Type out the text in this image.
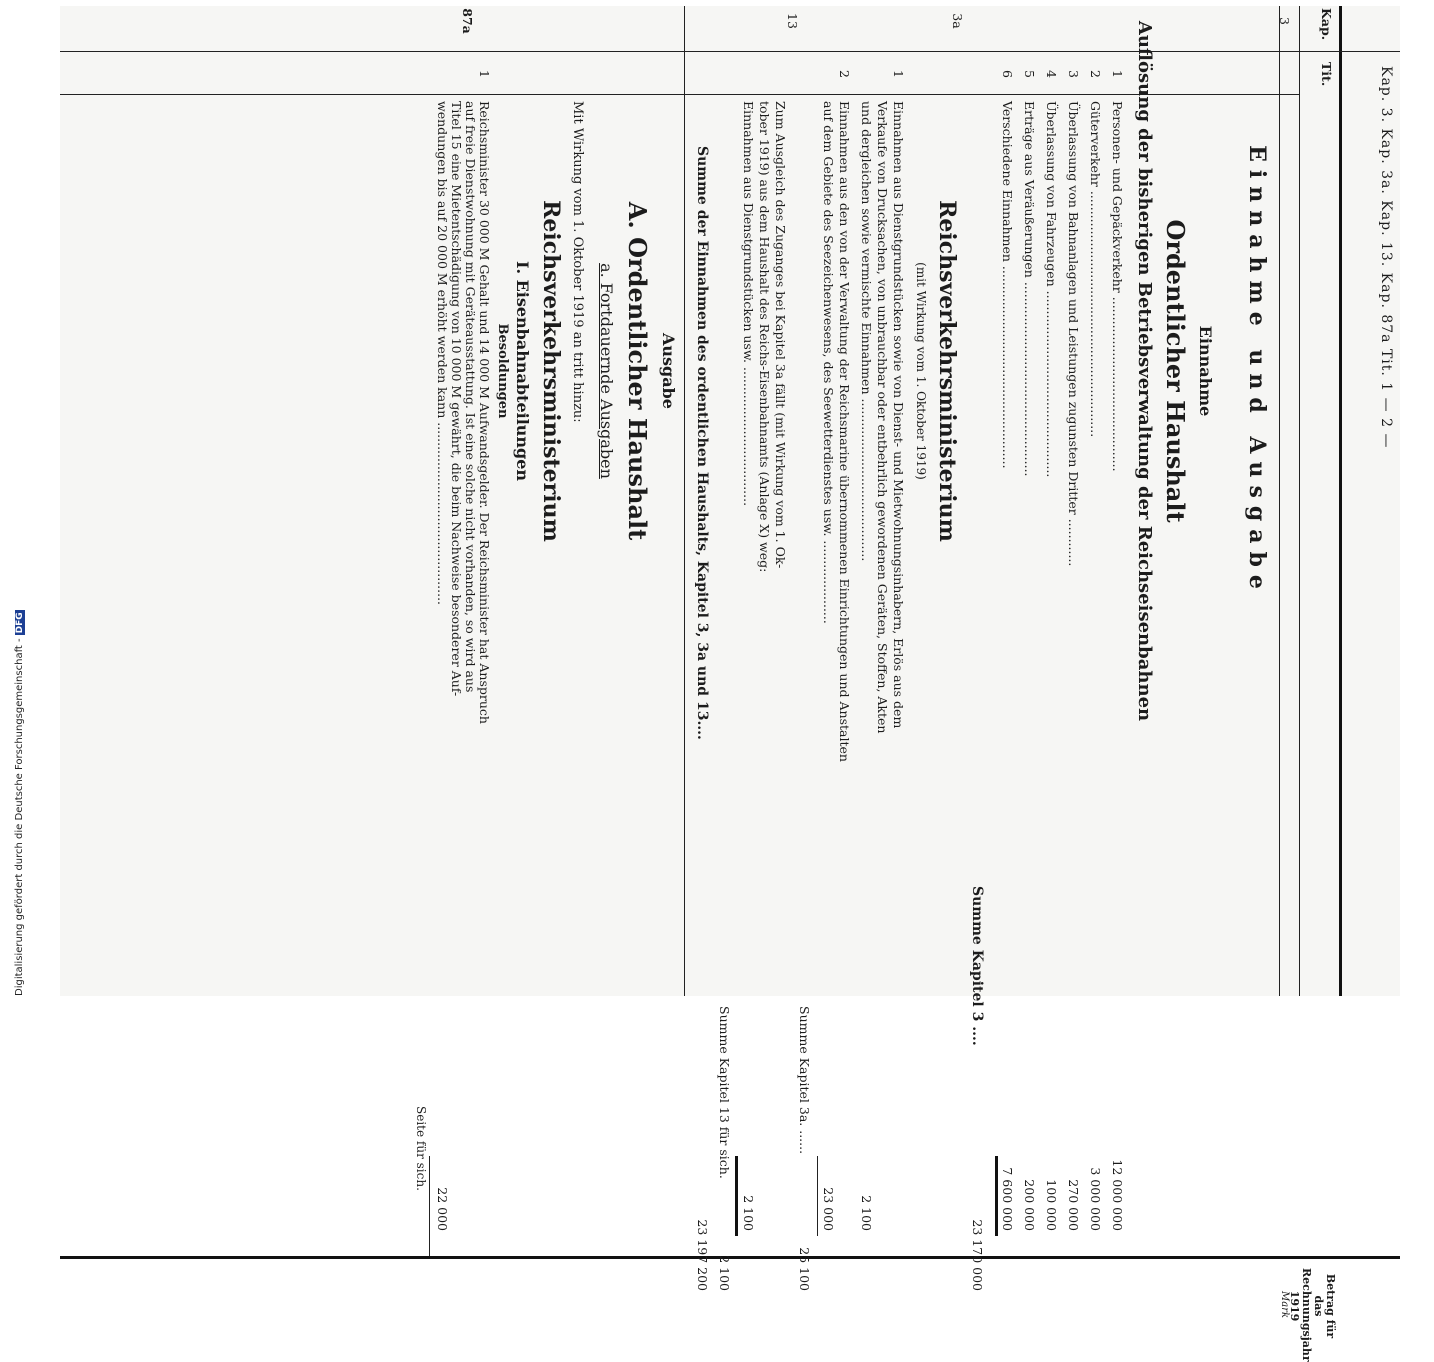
Digitalisierung gefördert durch die Deutsche Forschungsgemeinschaft -DFG
Kap. 3. Kap. 3a. Kap. 13. Kap. 87a Tit. 1 — 2 —
Kap.
Tit.
Betrag für das Rechnungsjahr 1919
Mark
Einnahme und Ausgabe
Einnahme
Ordentlicher Haushalt
Auflösung der bisherigen Betriebsverwaltung der Reichseisenbahnen	3
1
Personen- und Gepäckverkehr ............................................
12 000 000
2
Güterverkehr ..............................................................
3 000 000
3
Überlassung von Bahnanlagen und Leistungen zugunsten Dritter ............
270 000
4
Überlassung von Fahrzeugen ...............................................
100 000
5
Erträge aus Veräußerungen .................................................
200 000
6
Verschiedene Einnahmen ...................................................
7 600 000
Summe Kapitel 3 ....
23 170 000
3a
Reichsverkehrsministerium
(mit Wirkung vom 1. Oktober 1919)
1
Einnahmen aus Dienstgrundstücken sowie von Dienst- und Mietwohnungsinhabern, Erlös aus dem
Verkaufe von Drucksachen, von unbrauchbar oder entbehrlich gewordenen Geräten, Stoffen, Akten
und dergleichen sowie vermischte Einnahmen .........................................
2 100
2
Einnahmen aus den von der Verwaltung der Reichsmarine übernommenen Einrichtungen und Anstalten
auf dem Gebiete des Seezeichenwesens, des Seewetterdienstes usw. .....................
23 000
Summe Kapitel 3a. ......
25 100
13
Zum Ausgleich des Zuganges bei Kapitel 3a fällt (mit Wirkung vom 1. Ok-
tober 1919) aus dem Haushalt des Reichs-Eisenbahnamts (Anlage X) weg:
Einnahmen aus Dienstgrundstücken usw. ...................................
2 100
Summe Kapitel 13 für sich.
2 100
Summe der Einnahmen des ordentlichen Haushalts, Kapitel 3, 3a und 13....
23 197 200
Ausgabe
A. Ordentlicher Haushalt
a. Fortdauernde Ausgaben
Mit Wirkung vom 1. Oktober 1919 an tritt hinzu:
Reichsverkehrsministerium
I. Eisenbahnabteilungen
Besoldungen
87a
1
Reichsminister 30 000 M Gehalt und 14 000 M Aufwandsgelder. Der Reichsminister hat Anspruch
auf freie Dienstwohnung mit Geräteausstattung. Ist eine solche nicht vorhanden, so wird aus
Titel 15 eine Mietentschädigung von 10 000 M gewährt, die beim Nachweise besonderer Auf-
wendungen bis auf 20 000 M erhöht werden kann ..............................................
22 000
Seite für sich.
